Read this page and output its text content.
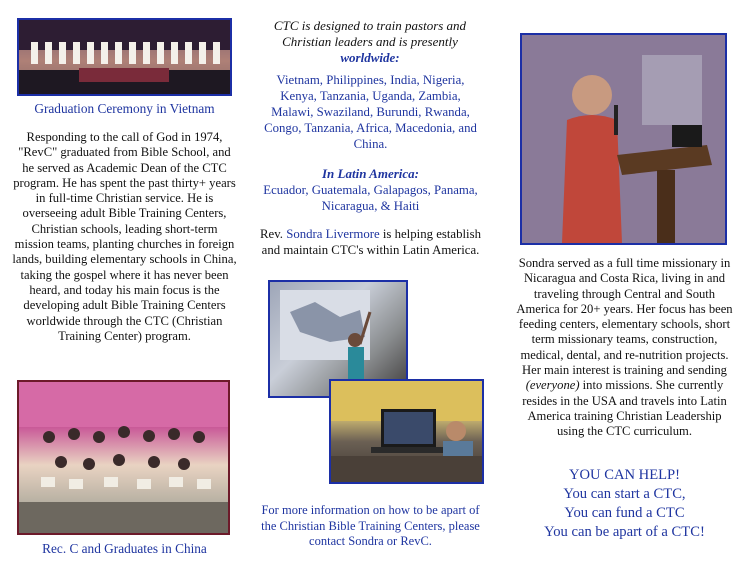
Graduation Ceremony in Vietnam
Responding to the call of God in 1974, "RevC" graduated from Bible School, and he served as Academic Dean of the CTC program. He has spent the past thirty+ years in full-time Christian service. He is overseeing adult Bible Training Centers, Christian schools, leading short-term mission teams, planting churches in foreign lands, building elementary schools in China, taking the gospel where it has never been heard, and today his main focus is the developing adult Bible Training Centers worldwide through the CTC (Christian Training Center) program.
Rec. C and Graduates in China
CTC is designed to train pastors and Christian leaders and is presently
worldwide:
Vietnam, Philippines, India, Nigeria, Kenya, Tanzania, Uganda, Zambia, Malawi, Swaziland, Burundi, Rwanda, Congo, Tanzania, Africa, Macedonia, and China.
In Latin America:
Ecuador, Guatemala, Galapagos, Panama, Nicaragua, & Haiti
Rev. Sondra Livermore is helping establish and maintain CTC's within Latin America.
For more information on how to be apart of the Christian Bible Training Centers, please contact Sondra or RevC.
Sondra served as a full time missionary in Nicaragua and Costa Rica, living in and traveling through Central and South America for 20+ years. Her focus has been feeding centers, elementary schools, short term missionary teams, construction, medical, dental, and re-nutrition projects. Her main interest is training and sending (everyone) into missions. She currently resides in the USA and travels into Latin America training Christian Leadership using the CTC curriculum.
YOU CAN HELP!
You can start a CTC,
You can fund a CTC
You can be apart of a CTC!
